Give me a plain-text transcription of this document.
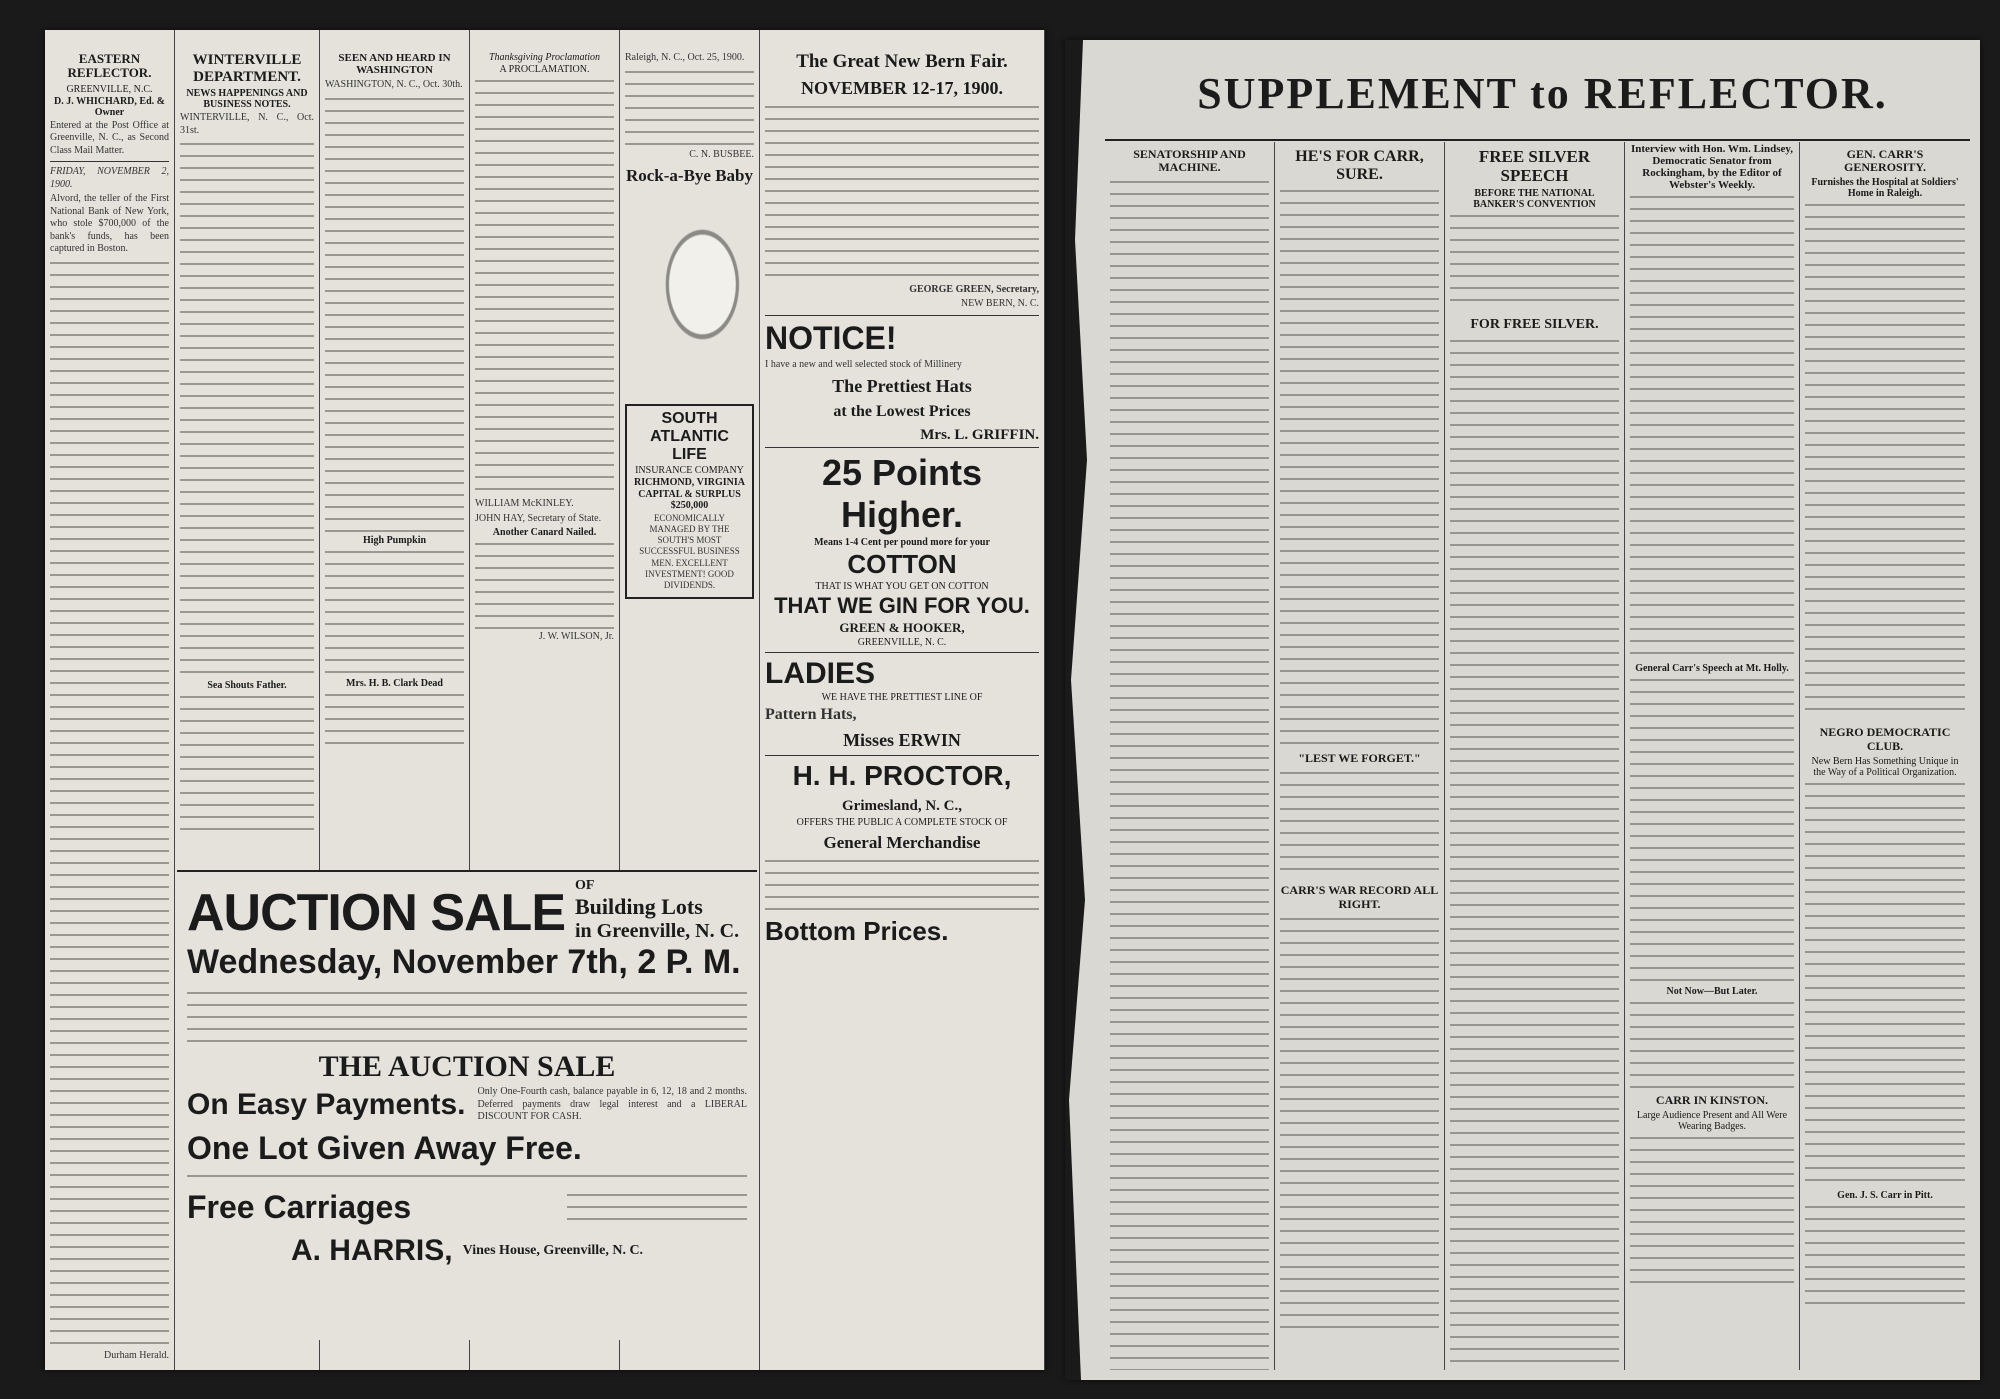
EASTERN REFLECTOR.
GREENVILLE, N.C.
D. J. WHICHARD, Ed. & Owner
Entered at the Post Office at Greenville, N. C., as Second Class Mail Matter.
FRIDAY, NOVEMBER 2, 1900.
Alvord, the teller of the First National Bank of New York, who stole $700,000 of the bank's funds, has been captured in Boston.
Durham Herald.
WINTERVILLE DEPARTMENT.
NEWS HAPPENINGS AND BUSINESS NOTES.
WINTERVILLE, N. C., Oct. 31st.
Sea Shouts Father.
SEEN AND HEARD IN WASHINGTON
WASHINGTON, N. C., Oct. 30th.
High Pumpkin
Mrs. H. B. Clark Dead
Thanksgiving Proclamation
A PROCLAMATION.
WILLIAM McKINLEY.
JOHN HAY, Secretary of State.
Another Canard Nailed.
J. W. WILSON, Jr.
Raleigh, N. C., Oct. 25, 1900.
C. N. BUSBEE.
Rock-a-Bye Baby
SOUTH ATLANTIC LIFE
INSURANCE COMPANY
RICHMOND, VIRGINIA
CAPITAL & SURPLUS $250,000
ECONOMICALLY MANAGED BY THE SOUTH'S MOST SUCCESSFUL BUSINESS MEN. EXCELLENT INVESTMENT! GOOD DIVIDENDS.
The Great New Bern Fair.
NOVEMBER 12-17, 1900.
GEORGE GREEN, Secretary,
NEW BERN, N. C.
NOTICE!
I have a new and well selected stock of Millinery
The Prettiest Hats
at the Lowest Prices
Mrs. L. GRIFFIN.
25 Points Higher.
Means 1-4 Cent per pound more for your
COTTON
THAT IS WHAT YOU GET ON COTTON
THAT WE GIN FOR YOU.
GREEN & HOOKER,
GREENVILLE, N. C.
LADIES
WE HAVE THE PRETTIEST LINE OF
Pattern Hats,
Misses ERWIN
H. H. PROCTOR,
Grimesland, N. C.,
OFFERS THE PUBLIC A COMPLETE STOCK OF
General Merchandise
Bottom Prices.
AUCTION SALE OF
Building Lots
in Greenville, N. C.
Wednesday, November 7th, 2 P. M.
THE AUCTION SALE
On Easy Payments. Only One-Fourth cash, balance payable in 6, 12, 18 and 2 months. Deferred payments draw legal interest and a LIBERAL DISCOUNT FOR CASH.
One Lot Given Away Free.
Free Carriages
A. HARRIS, Vines House, Greenville, N. C.
SUPPLEMENT to REFLECTOR.
SENATORSHIP AND MACHINE.
HE'S FOR CARR, SURE.
"LEST WE FORGET."
CARR'S WAR RECORD ALL RIGHT.
FREE SILVER SPEECH
BEFORE THE NATIONAL BANKER'S CONVENTION
FOR FREE SILVER.
Interview with Hon. Wm. Lindsey, Democratic Senator from Rockingham, by the Editor of Webster's Weekly.
General Carr's Speech at Mt. Holly.
Not Now—But Later.
CARR IN KINSTON.
Large Audience Present and All Were Wearing Badges.
GEN. CARR'S GENEROSITY.
Furnishes the Hospital at Soldiers' Home in Raleigh.
NEGRO DEMOCRATIC CLUB.
New Bern Has Something Unique in the Way of a Political Organization.
Gen. J. S. Carr in Pitt.
